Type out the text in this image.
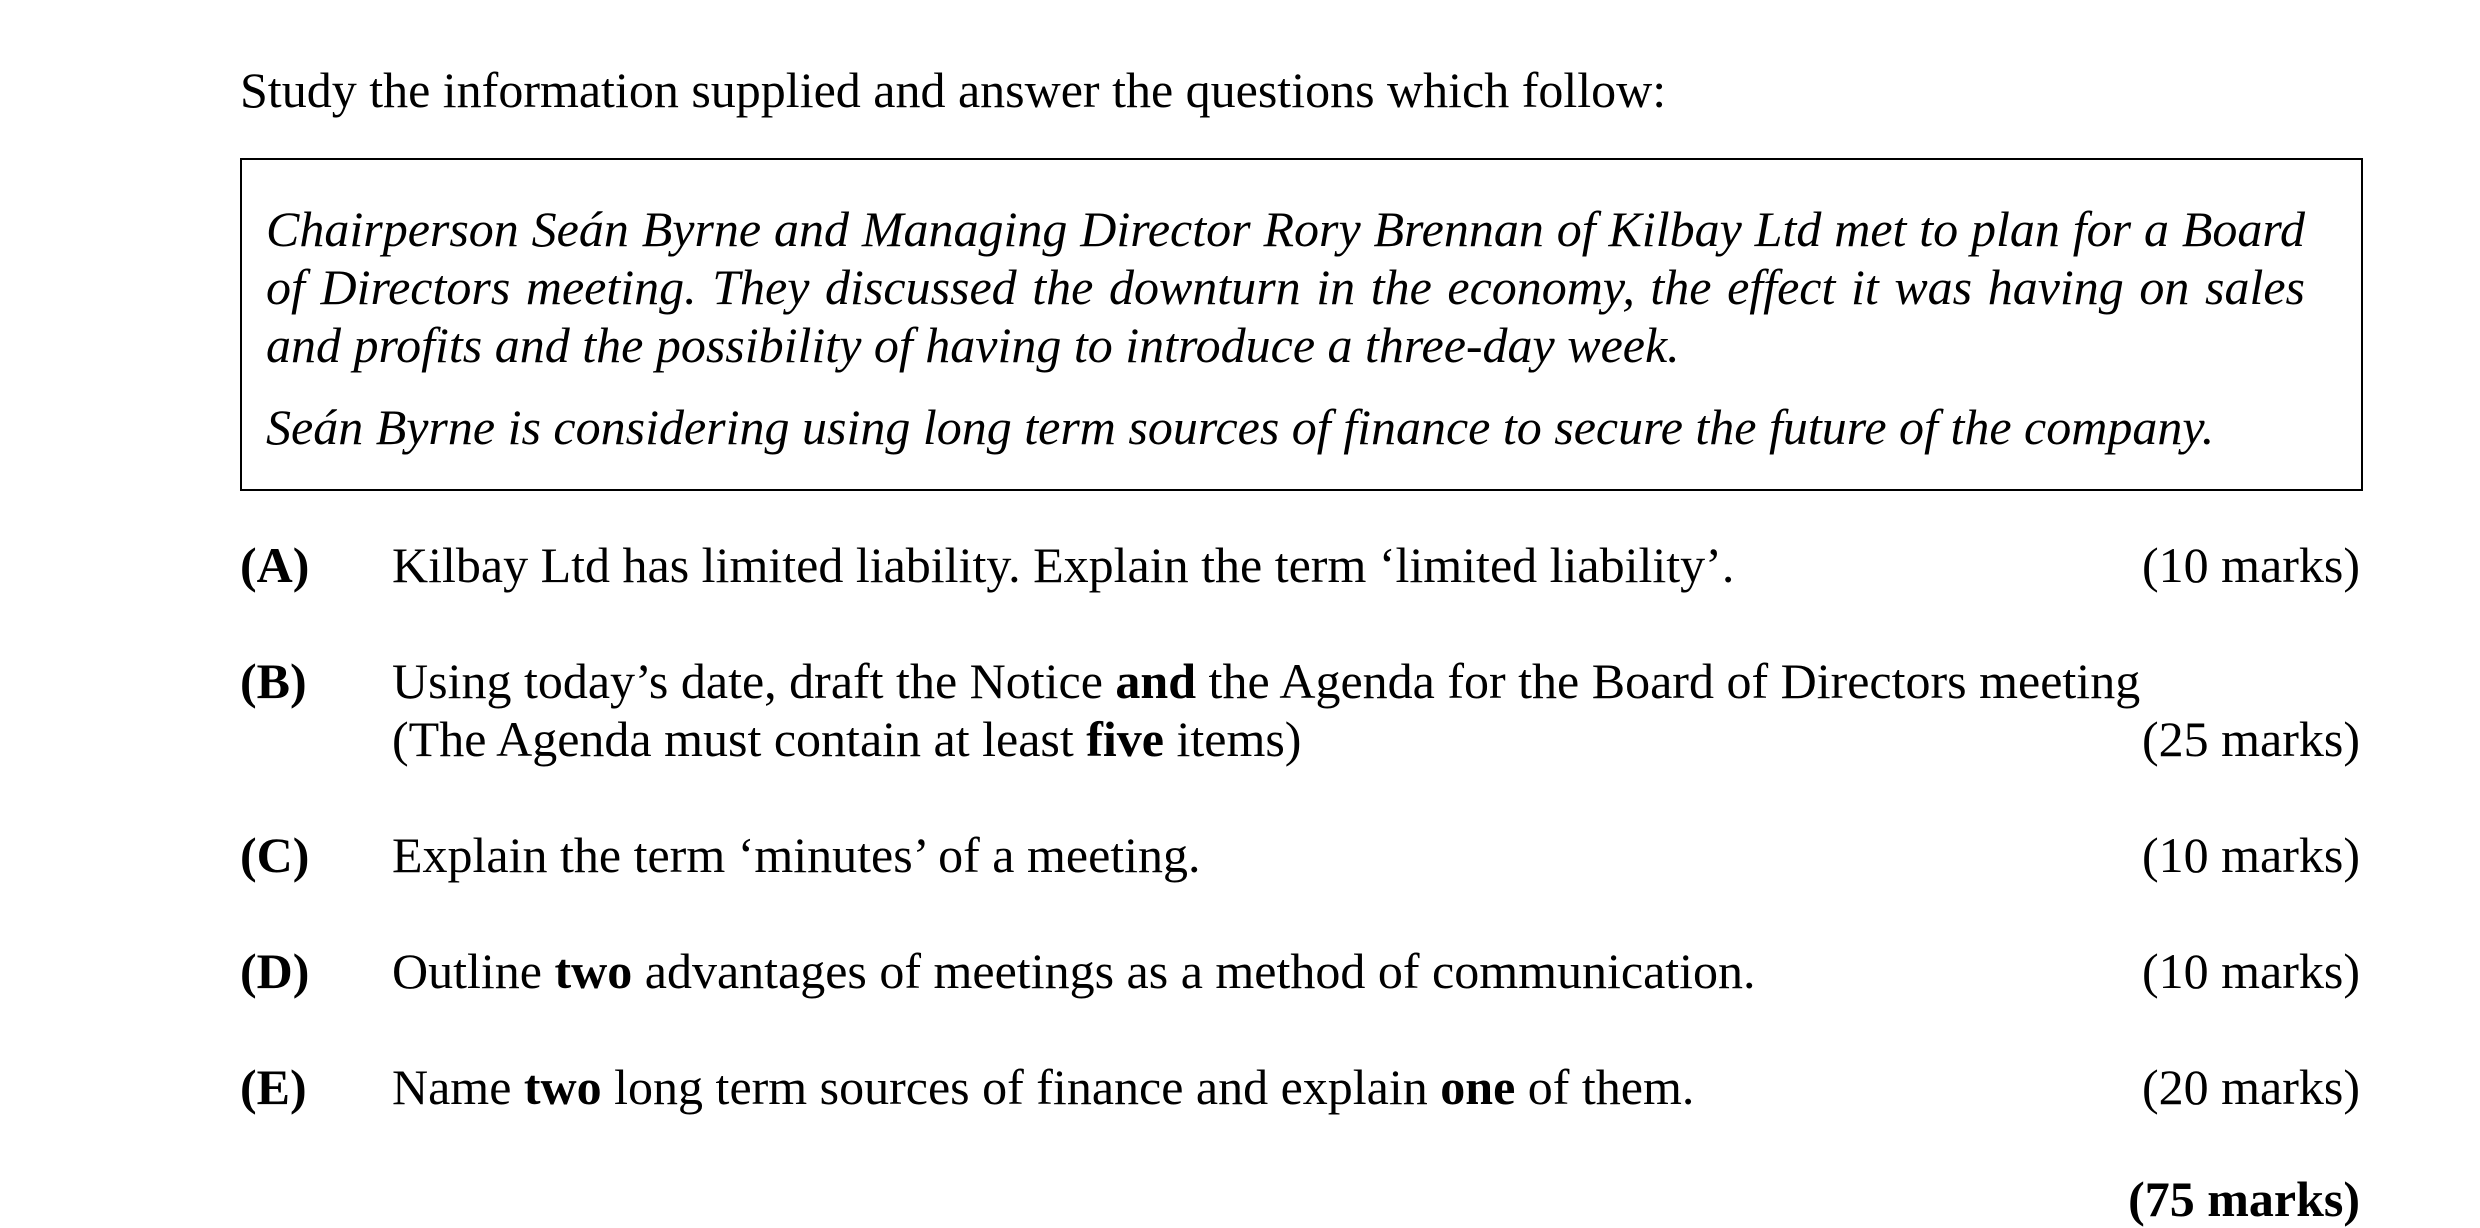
Study the information supplied and answer the questions which follow:
Chairperson Seán Byrne and Managing Director Rory Brennan of Kilbay Ltd met to plan for a Board of Directors meeting. They discussed the downturn in the economy, the effect it was having on sales and profits and the possibility of having to introduce a three-day week.
Seán Byrne is considering using long term sources of finance to secure the future of the company.
(A) Kilbay Ltd has limited liability. Explain the term ‘limited liability’.	(10 marks)
(B) Using today’s date, draft the Notice and the Agenda for the Board of Directors meeting
(The Agenda must contain at least five items)	(25 marks)
(C) Explain the term ‘minutes’ of a meeting.	(10 marks)
(D) Outline two advantages of meetings as a method of communication.	(10 marks)
(E) Name two long term sources of finance and explain one of them.	(20 marks)
(75 marks)
